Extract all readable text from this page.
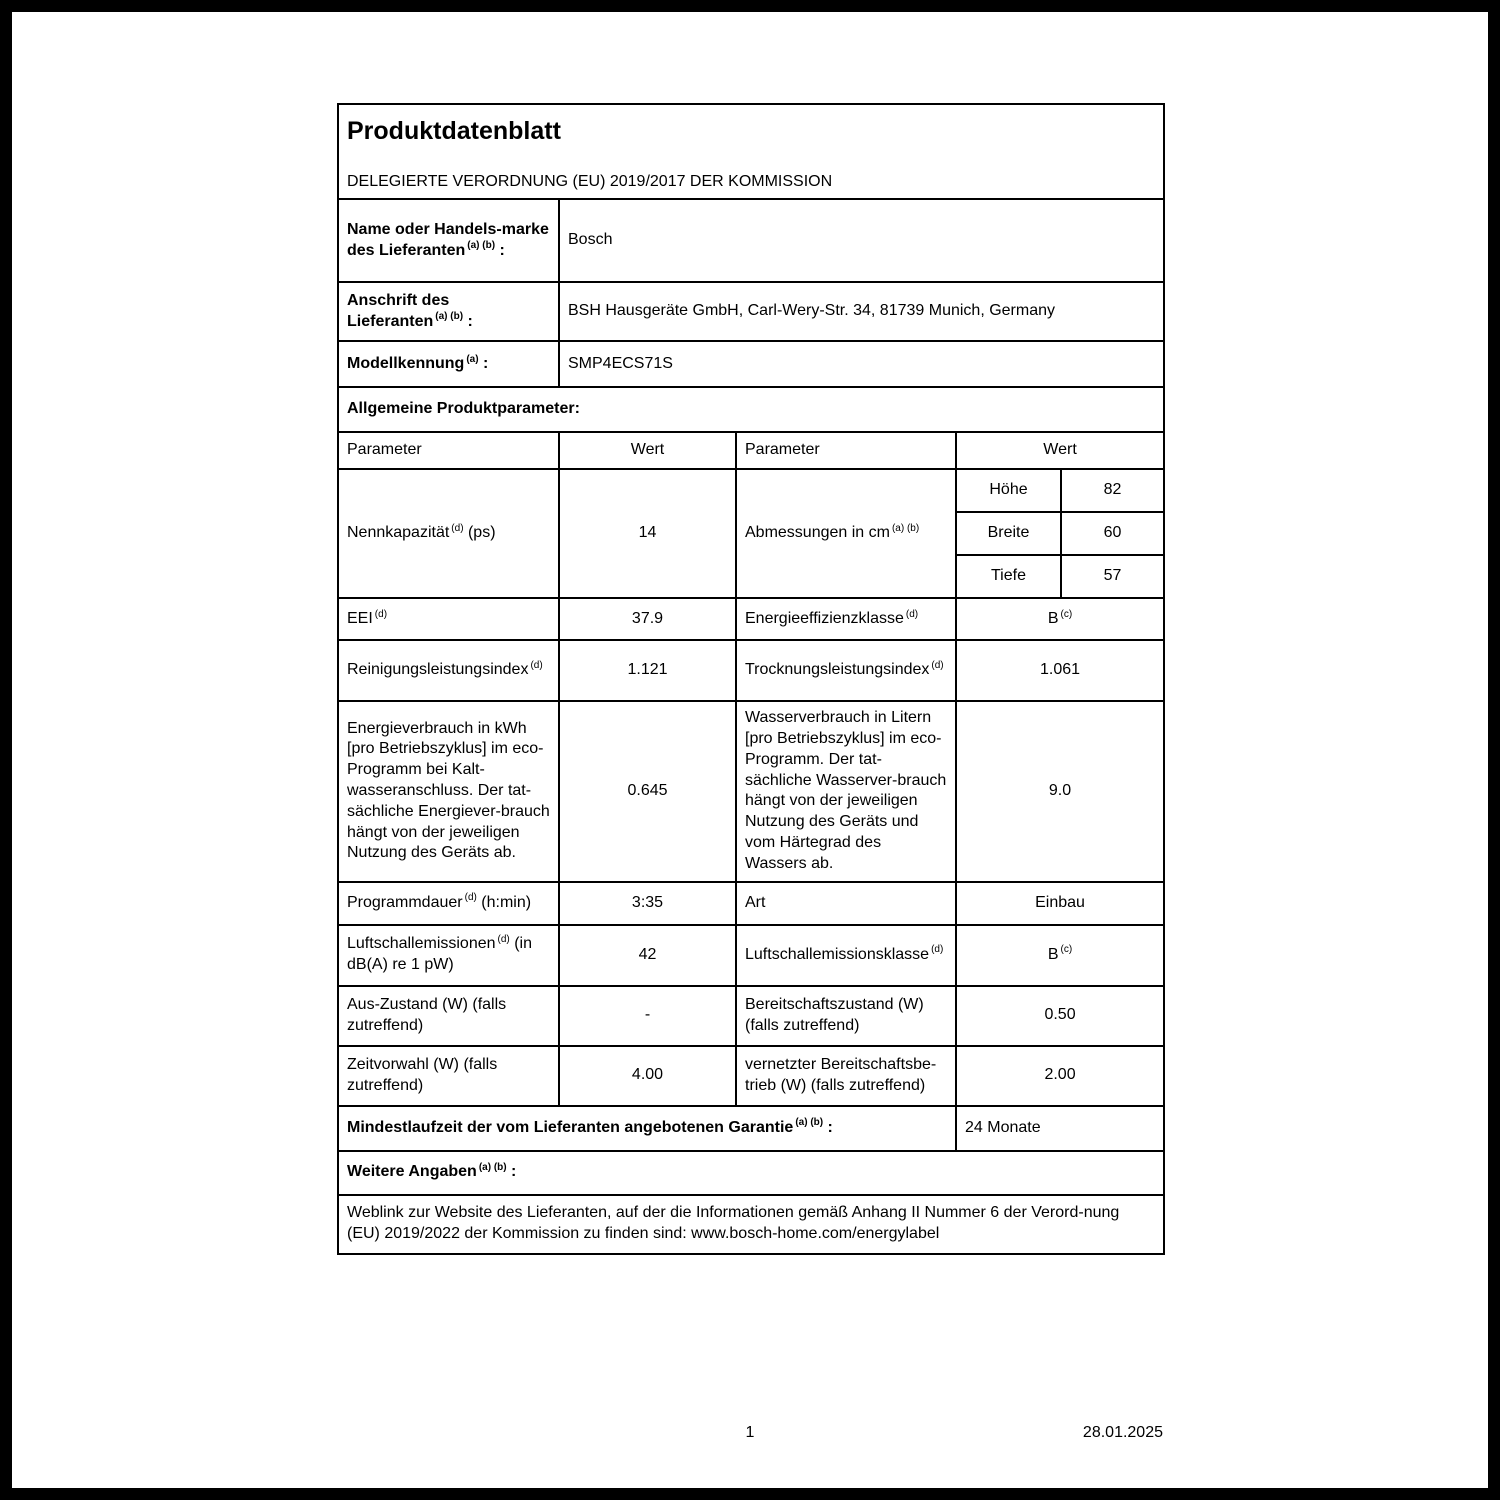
Produktdatenblatt
DELEGIERTE VERORDNUNG (EU) 2019/2017 DER KOMMISSION				

Name oder Handels-marke des Lieferanten $^{(a) (b)}$ :	Bosch			
Anschrift des Lieferanten $^{(a) (b)}$ :	BSH Hausgeräte GmbH, Carl-Wery-Str. 34, 81739 Munich, Germany			
Modellkennung $^{(a)}$ :	SMP4ECS71S			
Allgemeine Produktparameter:				
Parameter	Wert	Parameter	Wert	
Nennkapazität $^{(d)}$ (ps)	14	Abmessungen in cm $^{(a) (b)}$	Höhe	82
			Breite	60
			Tiefe	57
EEI $^{(d)}$	37.9	Energieeffizienzklasse $^{(d)}$	B $^{(c)}$
Reinigungsleistungsindex $^{(d)}$	1.121	Trocknungsleistungsindex $^{(d)}$	1.061	
Energieverbrauch in kWh [pro Betriebszyklus] im eco-Programm bei Kalt-wasseranschluss. Der tat-sächliche Energiever-brauch hängt von der jeweiligen Nutzung des Geräts ab.	0.645	Wasserverbrauch in Litern [pro Betriebszyklus] im eco-Programm. Der tat-sächliche Wasserver-brauch hängt von der jeweiligen Nutzung des Geräts und vom Härtegrad des Wassers ab.	9.0	
Programmdauer $^{(d)}$ (h:min)	3:35	Art	Einbau	
Luftschallemissionen $^{(d)}$ (in dB(A) re 1 pW)	42	Luftschallemissionsklasse $^{(d)}$	B $^{(c)}$
Aus-Zustand (W) (falls zutreffend)	-	Bereitschaftszustand (W) (falls zutreffend)	0.50	
Zeitvorwahl (W) (falls zutreffend)	4.00	vernetzter Bereitschaftsbe-trieb (W) (falls zutreffend)	2.00	
Mindestlaufzeit der vom Lieferanten angebotenen Garantie $^{(a) (b)}$ :			24 Monate	
Weitere Angaben $^{(a) (b)}$ :				
Weblink zur Website des Lieferanten, auf der die Informationen gemäß Anhang II Nummer 6 der Verord-nung (EU) 2019/2022 der Kommission zu finden sind: www.bosch-home.com/energylabel				
1	28.01.2025
